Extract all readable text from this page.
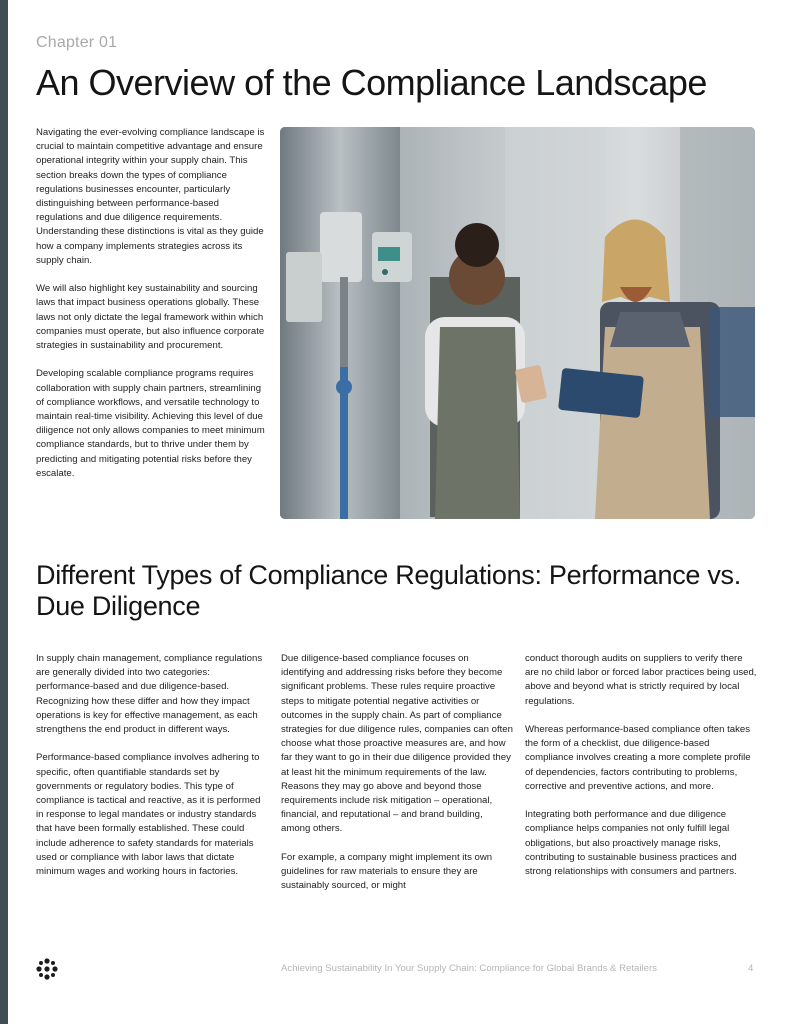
Chapter 01
An Overview of the Compliance Landscape

Navigating the ever-evolving compliance landscape is crucial to maintain competitive advantage and ensure operational integrity within your supply chain. This section breaks down the types of compliance regulations businesses encounter, particularly distinguishing between performance-based regulations and due diligence requirements. Understanding these distinctions is vital as they guide how a company implements strategies across its supply chain.

We will also highlight key sustainability and sourcing laws that impact business operations globally. These laws not only dictate the legal framework within which companies must operate, but also influence corporate strategies in sustainability and procurement.

Developing scalable compliance programs requires collaboration with supply chain partners, streamlining of compliance workflows, and versatile technology to maintain real-time visibility. Achieving this level of due diligence not only allows companies to meet minimum compliance standards, but to thrive under them by predicting and mitigating potential risks before they escalate.

Different Types of Compliance Regulations: Performance vs. Due Diligence

In supply chain management, compliance regulations are generally divided into two categories: performance-based and due diligence-based. Recognizing how these differ and how they impact operations is key for effective management, as each strengthens the end product in different ways.

Performance-based compliance involves adhering to specific, often quantifiable standards set by governments or regulatory bodies. This type of compliance is tactical and reactive, as it is performed in response to legal mandates or industry standards that have been formally established. These could include adherence to safety standards for materials used or compliance with labor laws that dictate minimum wages and working hours in factories.

Due diligence-based compliance focuses on identifying and addressing risks before they become significant problems. These rules require proactive steps to mitigate potential negative activities or outcomes in the supply chain. As part of compliance strategies for due diligence rules, companies can often choose what those proactive measures are, and how far they want to go in their due diligence provided they at least hit the minimum requirements of the law. Reasons they may go above and beyond those requirements include risk mitigation – operational, financial, and reputational – and brand building, among others.

For example, a company might implement its own guidelines for raw materials to ensure they are sustainably sourced, or might

conduct thorough audits on suppliers to verify there are no child labor or forced labor practices being used, above and beyond what is strictly required by local regulations.

Whereas performance-based compliance often takes the form of a checklist, due diligence-based compliance involves creating a more complete profile of dependencies, factors contributing to problems, corrective and preventive actions, and more.

Integrating both performance and due diligence compliance helps companies not only fulfill legal obligations, but also proactively manage risks, contributing to sustainable business practices and strong relationships with consumers and partners.

Achieving Sustainability In Your Supply Chain: Compliance for Global Brands & Retailers	4
